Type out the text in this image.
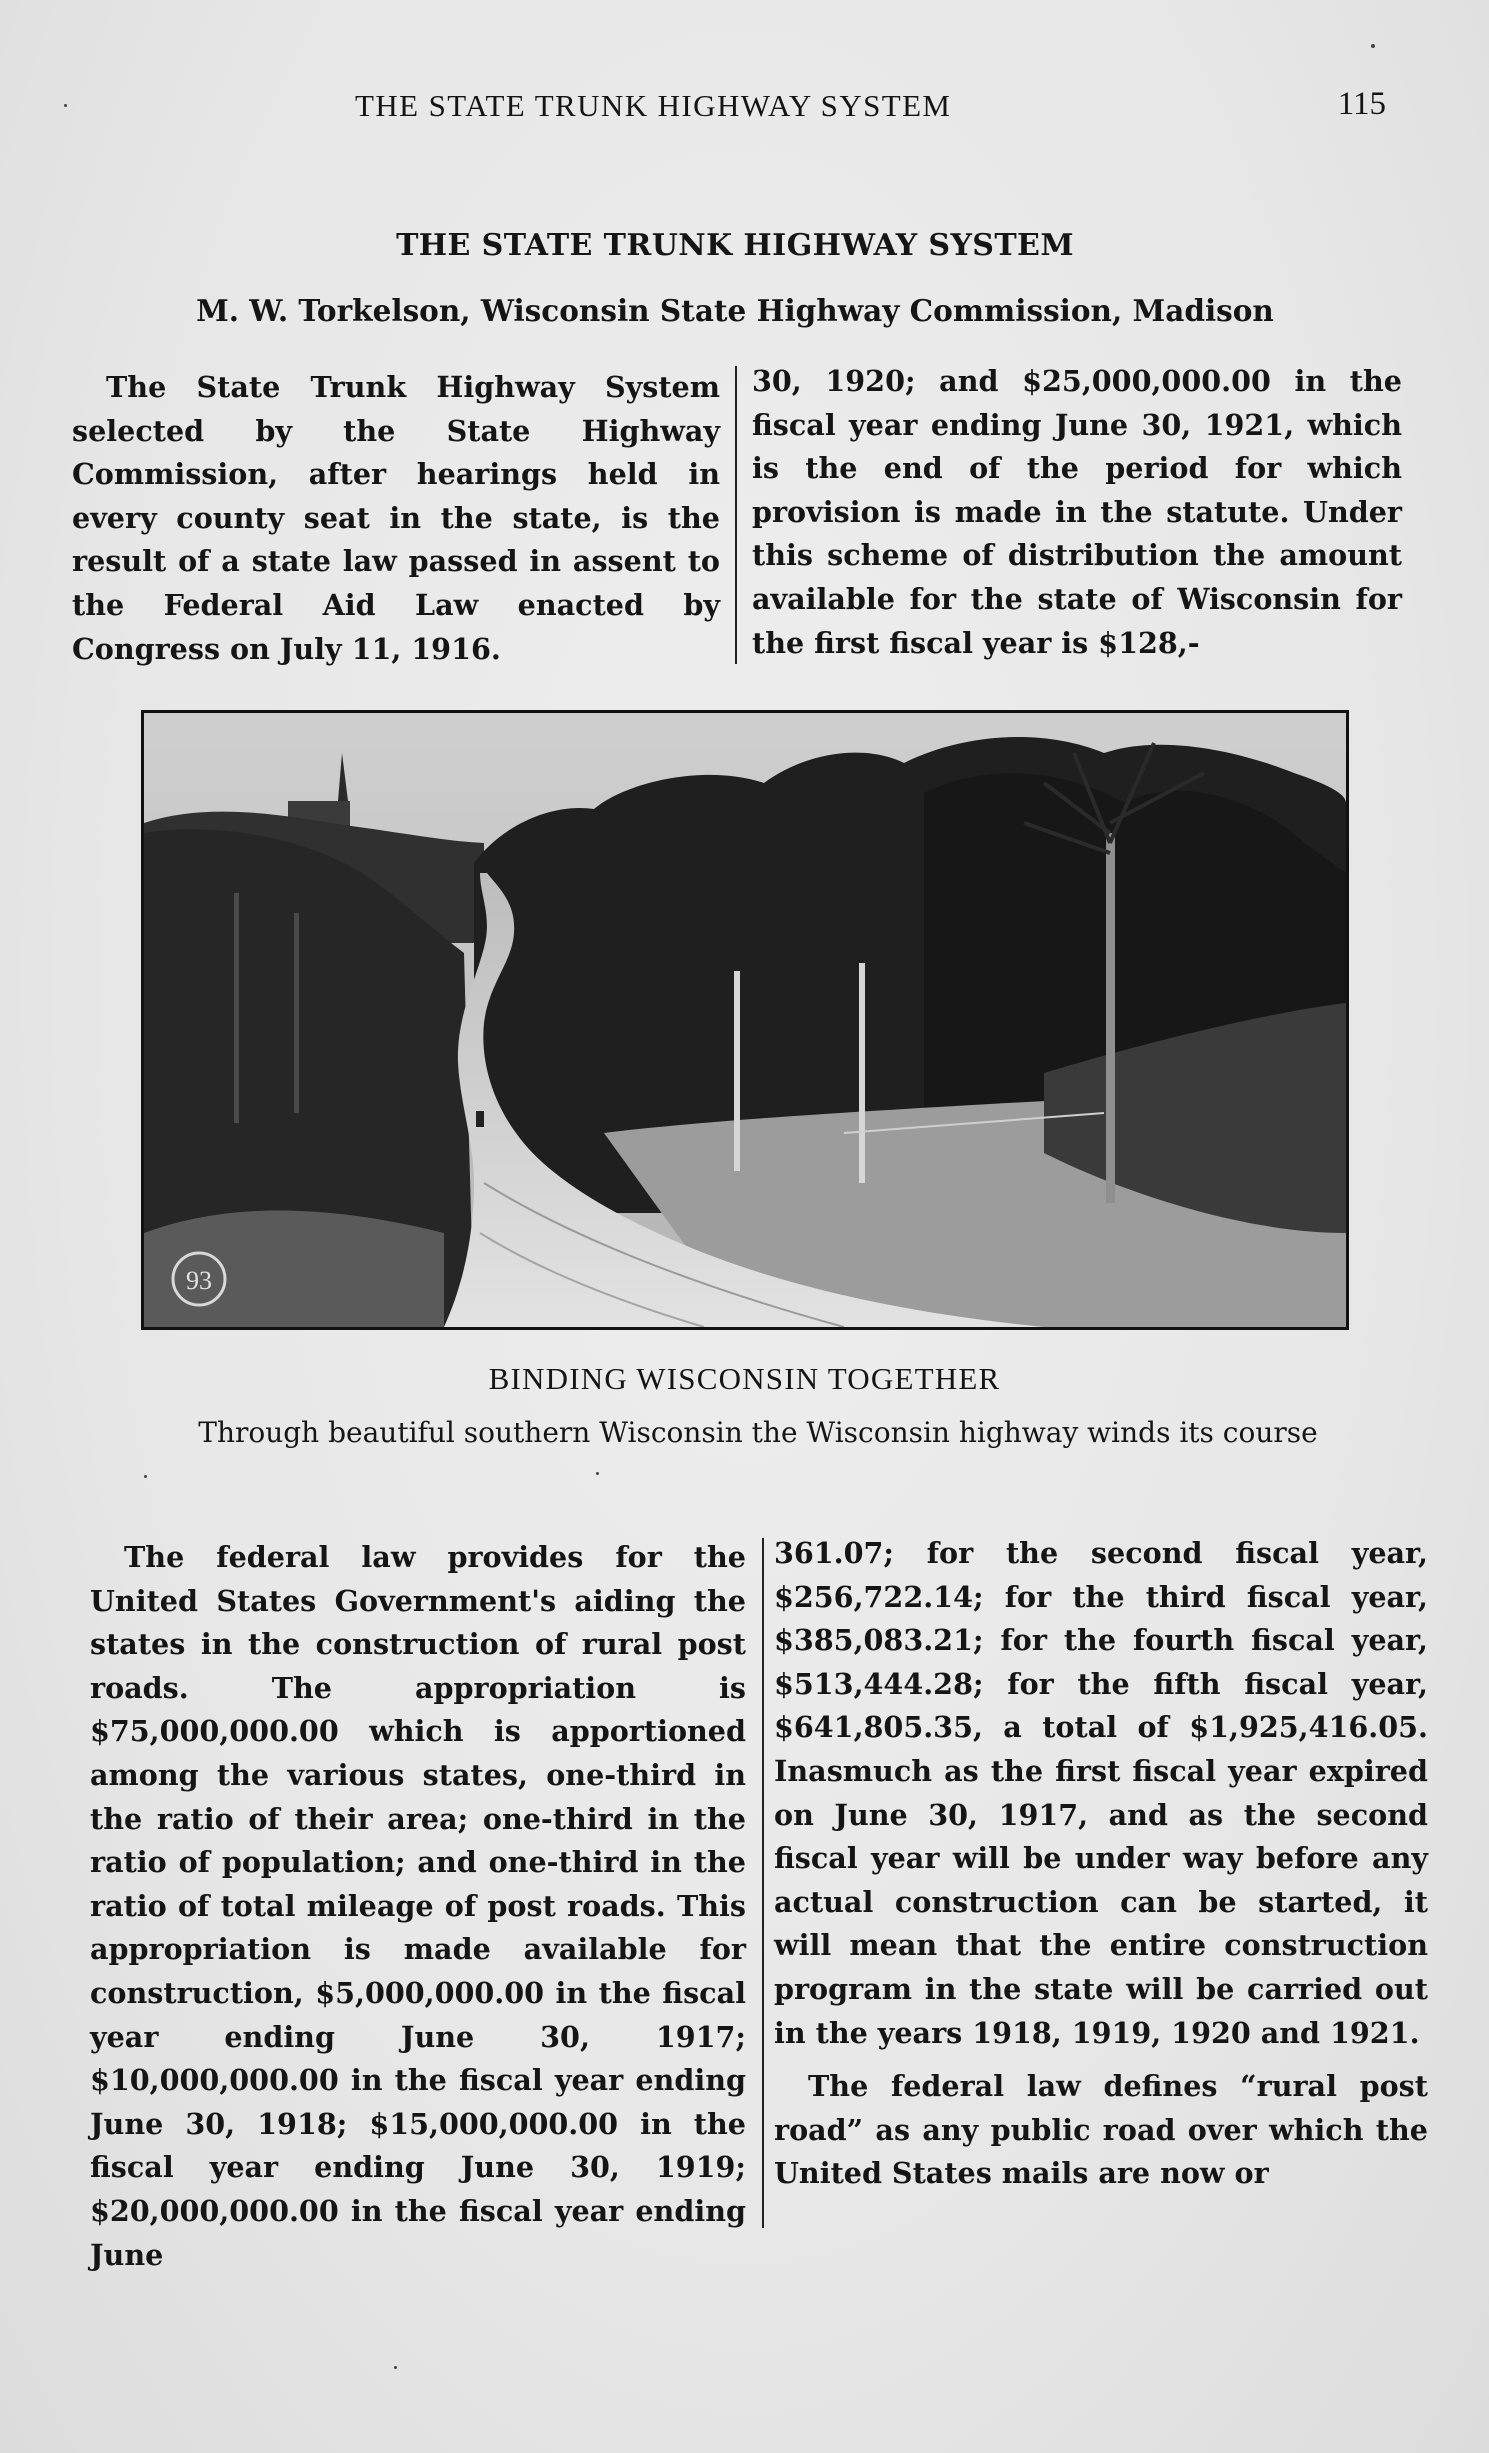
THE STATE TRUNK HIGHWAY SYSTEM	115
THE STATE TRUNK HIGHWAY SYSTEM
M. W. Torkelson, Wisconsin State Highway Commission, Madison

The State Trunk Highway System selected by the State Highway Commission, after hearings held in every county seat in the state, is the result of a state law passed in assent to the Federal Aid Law enacted by Congress on July 11, 1916.

30, 1920; and $25,000,000.00 in the fiscal year ending June 30, 1921, which is the end of the period for which provision is made in the statute. Under this scheme of distribution the amount available for the state of Wisconsin for the first fiscal year is $128,-

93
BINDING WISCONSIN TOGETHER
Through beautiful southern Wisconsin the Wisconsin highway winds its course

The federal law provides for the United States Government's aiding the states in the construction of rural post roads. The appropriation is $75,000,000.00 which is apportioned among the various states, one-third in the ratio of their area; one-third in the ratio of population; and one-third in the ratio of total mileage of post roads. This appropriation is made available for construction, $5,000,000.00 in the fiscal year ending June 30, 1917; $10,000,000.00 in the fiscal year ending June 30, 1918; $15,000,000.00 in the fiscal year ending June 30, 1919; $20,000,000.00 in the fiscal year ending June

361.07; for the second fiscal year, $256,722.14; for the third fiscal year, $385,083.21; for the fourth fiscal year, $513,444.28; for the fifth fiscal year, $641,805.35, a total of $1,925,416.05. Inasmuch as the first fiscal year expired on June 30, 1917, and as the second fiscal year will be under way before any actual construction can be started, it will mean that the entire construction program in the state will be carried out in the years 1918, 1919, 1920 and 1921.

The federal law defines “rural post road” as any public road over which the United States mails are now or
